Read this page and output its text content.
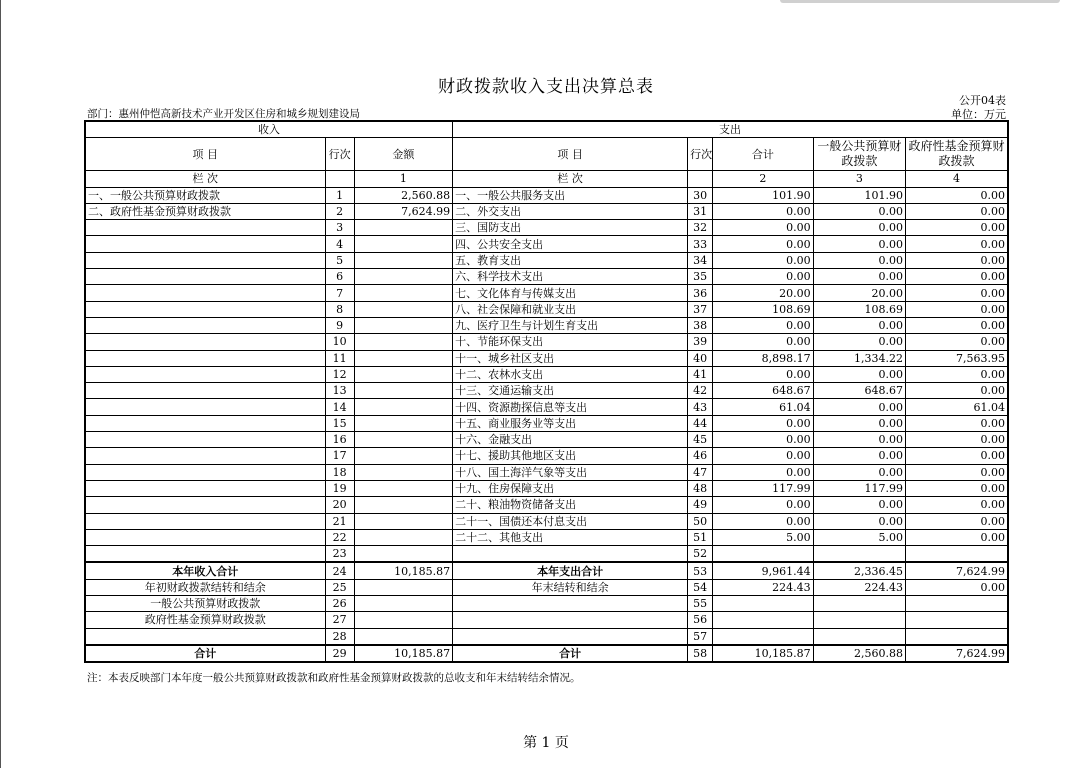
财政拨款收入支出决算总表
公开04表
部门：惠州仲恺高新技术产业开发区住房和城乡规划建设局	单位：万元
收入			支出				
项 目	行次	金额	项 目	行次	合计	一般公共预算财政拨款	政府性基金预算财政拨款
栏 次		1	栏 次		2	3	4
一、一般公共预算财政拨款	1	2,560.88	一、一般公共服务支出	30	101.90	101.90	0.00
二、政府性基金预算财政拨款	2	7,624.99	二、外交支出	31	0.00	0.00	0.00
	3		三、国防支出	32	0.00	0.00	0.00
	4		四、公共安全支出	33	0.00	0.00	0.00
	5		五、教育支出	34	0.00	0.00	0.00
	6		六、科学技术支出	35	0.00	0.00	0.00
	7		七、文化体育与传媒支出	36	20.00	20.00	0.00
	8		八、社会保障和就业支出	37	108.69	108.69	0.00
	9		九、医疗卫生与计划生育支出	38	0.00	0.00	0.00
	10		十、节能环保支出	39	0.00	0.00	0.00
	11		十一、城乡社区支出	40	8,898.17	1,334.22	7,563.95
	12		十二、农林水支出	41	0.00	0.00	0.00
	13		十三、交通运输支出	42	648.67	648.67	0.00
	14		十四、资源勘探信息等支出	43	61.04	0.00	61.04
	15		十五、商业服务业等支出	44	0.00	0.00	0.00
	16		十六、金融支出	45	0.00	0.00	0.00
	17		十七、援助其他地区支出	46	0.00	0.00	0.00
	18		十八、国土海洋气象等支出	47	0.00	0.00	0.00
	19		十九、住房保障支出	48	117.99	117.99	0.00
	20		二十、粮油物资储备支出	49	0.00	0.00	0.00
	21		二十一、国债还本付息支出	50	0.00	0.00	0.00
	22		二十二、其他支出	51	5.00	5.00	0.00
	23			52			
本年收入合计	24	10,185.87	本年支出合计	53	9,961.44	2,336.45	7,624.99
年初财政拨款结转和结余	25		年末结转和结余	54	224.43	224.43	0.00
一般公共预算财政拨款	26			55			
政府性基金预算财政拨款	27			56			
	28			57			
合计	29	10,185.87	合计	58	10,185.87	2,560.88	7,624.99
注：本表反映部门本年度一般公共预算财政拨款和政府性基金预算财政拨款的总收支和年末结转结余情况。
第 1 页
